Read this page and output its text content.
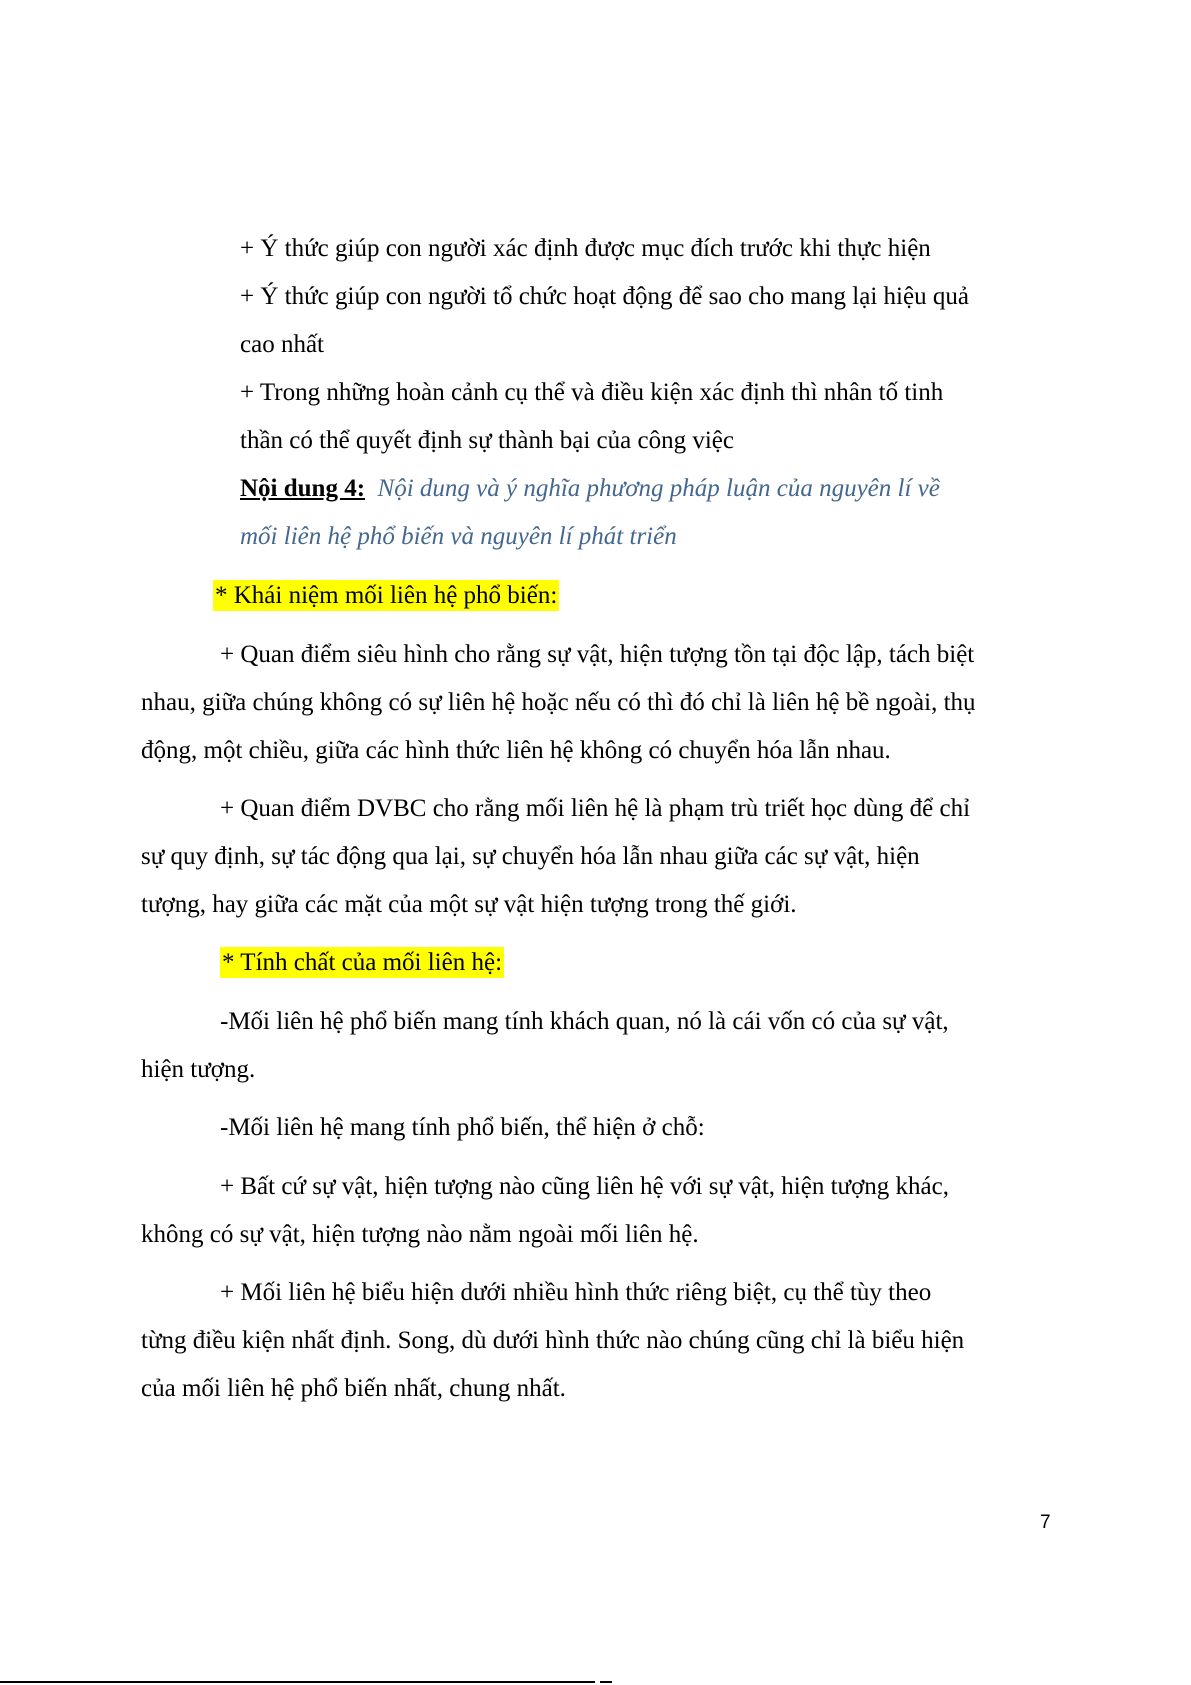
+ Ý thức giúp con người xác định được mục đích trước khi thực hiện
+ Ý thức giúp con người tổ chức hoạt động để sao cho mang lại hiệu quả
cao nhất
+ Trong những hoàn cảnh cụ thể và điều kiện xác định thì nhân tố tinh
thần có thể quyết định sự thành bại của công việc
Nội dung 4: Nội dung và ý nghĩa phương pháp luận của nguyên lí về
mối liên hệ phổ biến và nguyên lí phát triển
* Khái niệm mối liên hệ phổ biến:
+ Quan điểm siêu hình cho rằng sự vật, hiện tượng tồn tại độc lập, tách biệt
nhau, giữa chúng không có sự liên hệ hoặc nếu có thì đó chỉ là liên hệ bề ngoài, thụ
động, một chiều, giữa các hình thức liên hệ không có chuyển hóa lẫn nhau.
+ Quan điểm DVBC cho rằng mối liên hệ là phạm trù triết học dùng để chỉ
sự quy định, sự tác động qua lại, sự chuyển hóa lẫn nhau giữa các sự vật, hiện
tượng, hay giữa các mặt của một sự vật hiện tượng trong thế giới.
* Tính chất của mối liên hệ:
-Mối liên hệ phổ biến mang tính khách quan, nó là cái vốn có của sự vật,
hiện tượng.
-Mối liên hệ mang tính phổ biến, thể hiện ở chỗ:
+ Bất cứ sự vật, hiện tượng nào cũng liên hệ với sự vật, hiện tượng khác,
không có sự vật, hiện tượng nào nằm ngoài mối liên hệ.
+ Mối liên hệ biểu hiện dưới nhiều hình thức riêng biệt, cụ thể tùy theo
từng điều kiện nhất định. Song, dù dưới hình thức nào chúng cũng chỉ là biểu hiện
của mối liên hệ phổ biến nhất, chung nhất.
7
